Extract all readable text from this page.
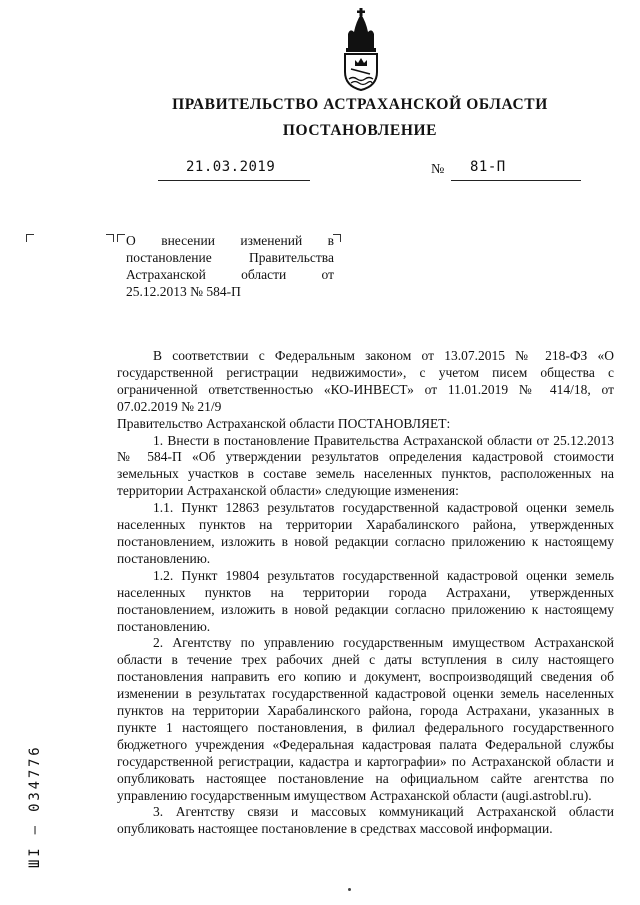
ПРАВИТЕЛЬСТВО АСТРАХАНСКОЙ ОБЛАСТИ
ПОСТАНОВЛЕНИЕ
21.03.2019	№ 81-П
О внесении изменений в постановление Правительства Астраханской области от 25.12.2013 № 584-П

В соответствии с Федеральным законом от 13.07.2015 № 218-ФЗ «О государственной регистрации недвижимости», с учетом писем общества с ограниченной ответственностью «КО-ИНВЕСТ» от 11.01.2019 № 414/18, от 07.02.2019 № 21/9

Правительство Астраханской области ПОСТАНОВЛЯЕТ:

1. Внести в постановление Правительства Астраханской области от 25.12.2013 № 584-П «Об утверждении результатов определения кадастровой стоимости земельных участков в составе земель населенных пунктов, расположенных на территории Астраханской области» следующие изменения:

1.1. Пункт 12863 результатов государственной кадастровой оценки земель населенных пунктов на территории Харабалинского района, утвержденных постановлением, изложить в новой редакции согласно приложению к настоящему постановлению.

1.2. Пункт 19804 результатов государственной кадастровой оценки земель населенных пунктов на территории города Астрахани, утвержденных постановлением, изложить в новой редакции согласно приложению к настоящему постановлению.

2. Агентству по управлению государственным имуществом Астраханской области в течение трех рабочих дней с даты вступления в силу настоящего постановления направить его копию и документ, воспроизводящий сведения об изменении в результатах государственной кадастровой оценки земель населенных пунктов на территории Харабалинского района, города Астрахани, указанных в пункте 1 настоящего постановления, в филиал федерального государственного бюджетного учреждения «Федеральная кадастровая палата Федеральной службы государственной регистрации, кадастра и картографии» по Астраханской области и опубликовать настоящее постановление на официальном сайте агентства по управлению государственным имуществом Астраханской области (augi.astrobl.ru).

3. Агентству связи и массовых коммуникаций Астраханской области опубликовать настоящее постановление в средствах массовой информации.

ШІ – 034776
